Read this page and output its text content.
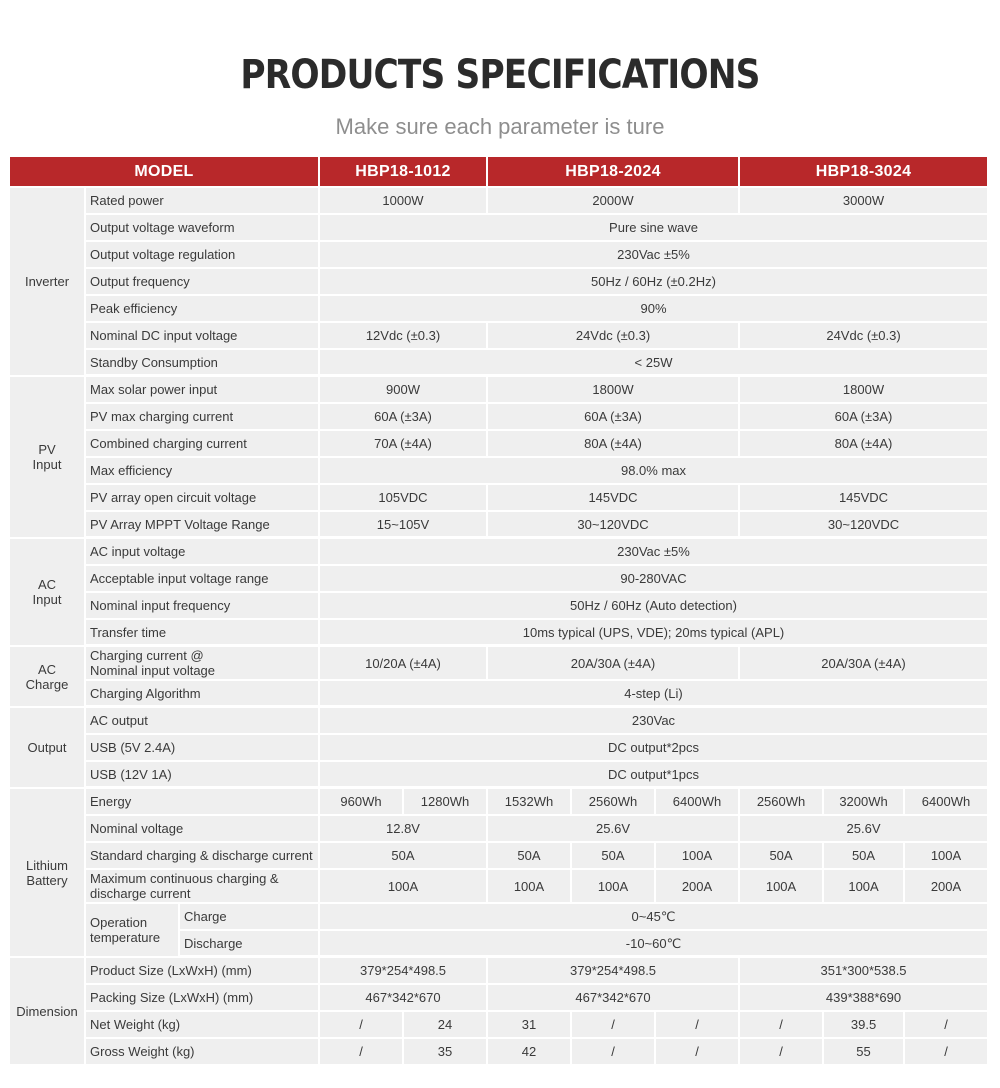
PRODUCTS SPECIFICATIONS
Make sure each parameter is ture
MODEL			HBP18-1012		HBP18-2024			HBP18-3024		
Inverter	Rated power		1000W		2000W			3000W		
	Output voltage waveform		Pure sine wave							
	Output voltage regulation		230Vac ±5%							
	Output frequency		50Hz / 60Hz (±0.2Hz)							
	Peak efficiency		90%							
	Nominal DC input voltage		12Vdc (±0.3)		24Vdc (±0.3)			24Vdc (±0.3)		
	Standby Consumption		< 25W							
PV
Input	Max solar power input		900W		1800W			1800W		
	PV max charging current		60A (±3A)		60A (±3A)			60A (±3A)		
	Combined charging current		70A (±4A)		80A (±4A)			80A (±4A)		
	Max efficiency		98.0% max							
	PV array open circuit voltage		105VDC		145VDC			145VDC		
	PV Array MPPT Voltage Range		15~105V		30~120VDC			30~120VDC		
AC
Input	AC input voltage		230Vac ±5%							
	Acceptable input voltage range		90-280VAC							
	Nominal input frequency		50Hz / 60Hz (Auto detection)							
	Transfer time		10ms typical (UPS, VDE); 20ms typical (APL)							
AC
Charge	Charging current @
Nominal input voltage		10/20A (±4A)		20A/30A (±4A)			20A/30A (±4A)		
	Charging Algorithm		4-step (Li)							
Output	AC output		230Vac							
	USB (5V 2.4A)		DC output*2pcs							
	USB (12V 1A)		DC output*1pcs							
Lithium
Battery	Energy		960Wh	1280Wh	1532Wh	2560Wh	6400Wh	2560Wh	3200Wh	6400Wh
	Nominal voltage		12.8V		25.6V			25.6V		
	Standard charging & discharge current		50A		50A	50A	100A	50A	50A	100A
	Maximum continuous charging &
discharge current		100A		100A	100A	200A	100A	100A	200A
	Operation
temperature	Charge	0~45℃							
		Discharge	-10~60℃							
Dimension	Product Size (LxWxH) (mm)		379*254*498.5		379*254*498.5			351*300*538.5		
	Packing Size (LxWxH) (mm)		467*342*670		467*342*670			439*388*690		
	Net Weight (kg)		/	24	31	/	/	/	39.5	/
	Gross Weight (kg)		/	35	42	/	/	/	55	/
